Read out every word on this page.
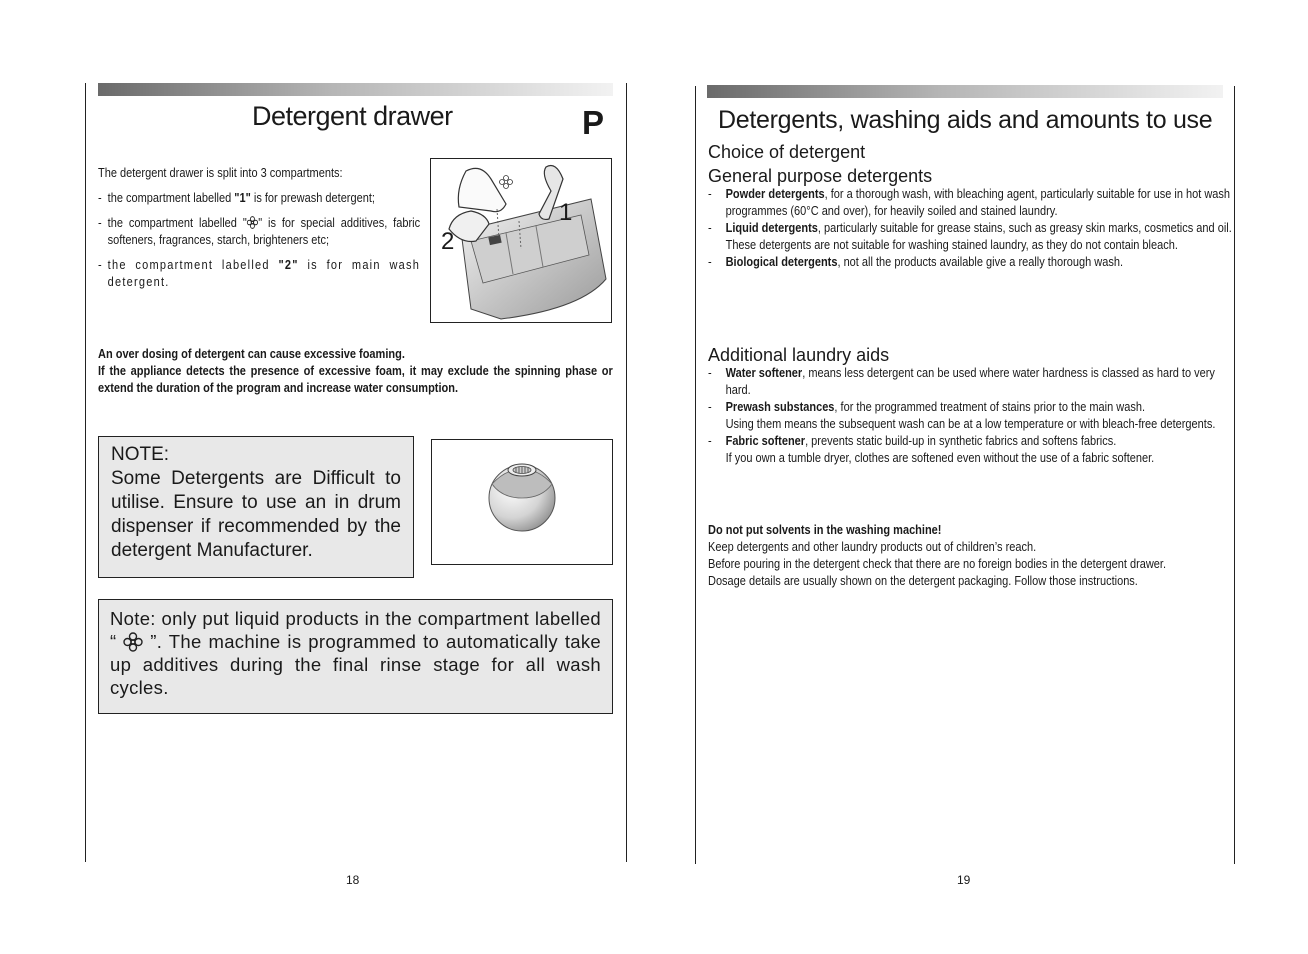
Detergent drawer	P
The detergent drawer is split into 3 compartments:
- the compartment labelled "1" is for prewash detergent;
- the compartment labelled " " is for special additives, fabric softeners, fragrances, starch, brighteners etc;
- the compartment labelled "2" is for main wash detergent.
1
2
An over dosing of detergent can cause excessive foaming.
If the appliance detects the presence of excessive foam, it may exclude the spinning phase or extend the duration of the program and increase water consumption.
NOTE:
Some Detergents are Difficult to utilise. Ensure to use an in drum dispenser if recommended by the detergent Manufacturer.
Note: only put liquid products in the compartment labelled “  ”. The machine is programmed to automatically take up additives during the final rinse stage for all wash cycles.
18
Detergents, washing aids and amounts to use
Choice of detergent
General purpose detergents
- Powder detergents, for a thorough wash, with bleaching agent, particularly suitable for use in hot wash programmes (60°C and over), for heavily soiled and stained laundry.
- Liquid detergents, particularly suitable for grease stains, such as greasy skin marks, cosmetics and oil.
These detergents are not suitable for washing stained laundry, as they do not contain bleach.
- Biological detergents, not all the products available give a really thorough wash.
Additional laundry aids
- Water softener, means less detergent can be used where water hardness is classed as hard to very hard.
- Prewash substances, for the programmed treatment of stains prior to the main wash.
Using them means the subsequent wash can be at a low temperature or with bleach-free detergents.
- Fabric softener, prevents static build-up in synthetic fabrics and softens fabrics.
If you own a tumble dryer, clothes are softened even without the use of a fabric softener.
Do not put solvents in the washing machine!
Keep detergents and other laundry products out of children’s reach.
Before pouring in the detergent check that there are no foreign bodies in the detergent drawer.
Dosage details are usually shown on the detergent packaging. Follow those instructions.
19
